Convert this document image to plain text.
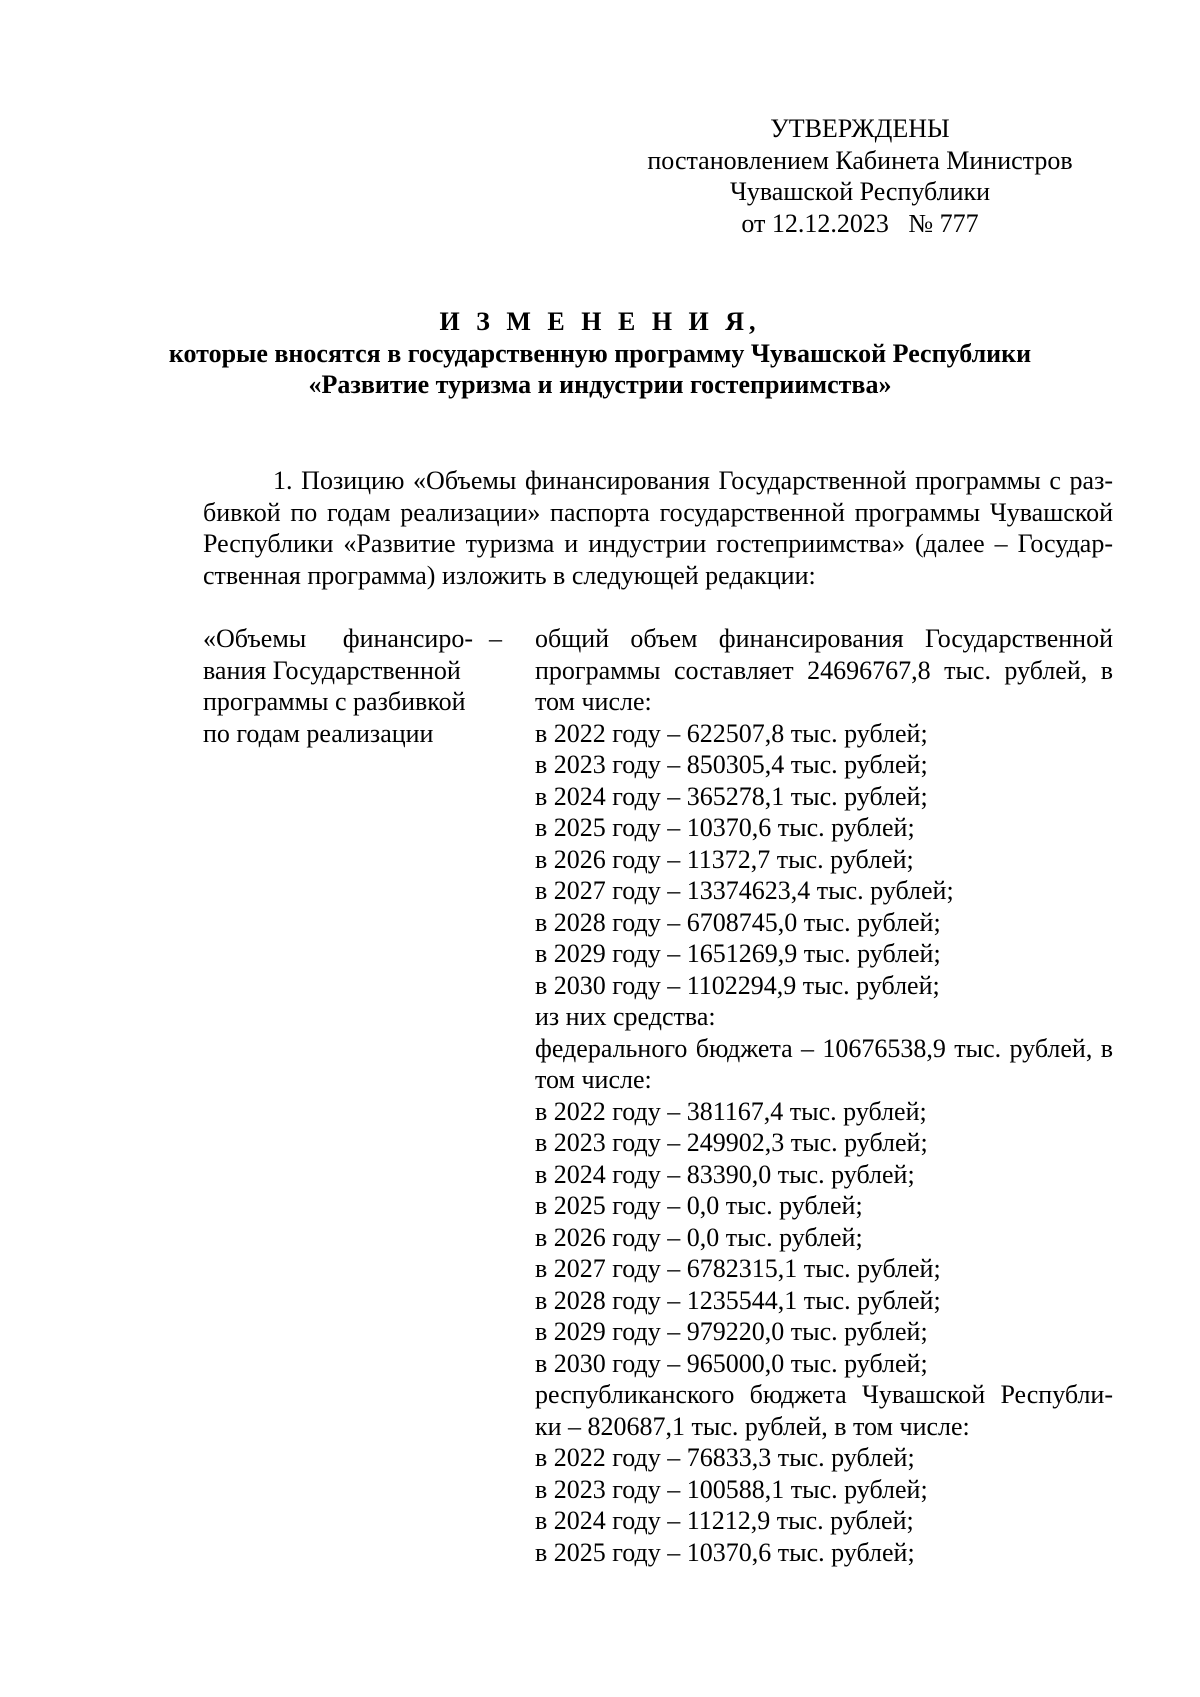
УТВЕРЖДЕНЫ
постановлением Кабинета Министров
Чувашской Республики
от 12.12.2023   № 777
И З М Е Н Е Н И Я,
которые вносятся в государственную программу Чувашской Республики
«Развитие туризма и индустрии гостеприимства»
1. Позицию «Объемы финансирования Государственной программы с раз-
бивкой по годам реализации» паспорта государственной программы Чувашской
Республики «Развитие туризма и индустрии гостеприимства» (далее – Государ-
ственная программа) изложить в следующей редакции:
«Объемы    финансиро-
вания Государственной
программы с разбивкой
по годам реализации
– общий объем финансирования Государственной
программы составляет 24696767,8 тыс. рублей, в
том числе:
в 2022 году – 622507,8 тыс. рублей;
в 2023 году – 850305,4 тыс. рублей;
в 2024 году – 365278,1 тыс. рублей;
в 2025 году – 10370,6 тыс. рублей;
в 2026 году – 11372,7 тыс. рублей;
в 2027 году – 13374623,4 тыс. рублей;
в 2028 году – 6708745,0 тыс. рублей;
в 2029 году – 1651269,9 тыс. рублей;
в 2030 году – 1102294,9 тыс. рублей;
из них средства:
федерального бюджета – 10676538,9 тыс. рублей, в
том числе:
в 2022 году – 381167,4 тыс. рублей;
в 2023 году – 249902,3 тыс. рублей;
в 2024 году – 83390,0 тыс. рублей;
в 2025 году – 0,0 тыс. рублей;
в 2026 году – 0,0 тыс. рублей;
в 2027 году – 6782315,1 тыс. рублей;
в 2028 году – 1235544,1 тыс. рублей;
в 2029 году – 979220,0 тыс. рублей;
в 2030 году – 965000,0 тыс. рублей;
республиканского бюджета Чувашской Республи-
ки – 820687,1 тыс. рублей, в том числе:
в 2022 году – 76833,3 тыс. рублей;
в 2023 году – 100588,1 тыс. рублей;
в 2024 году – 11212,9 тыс. рублей;
в 2025 году – 10370,6 тыс. рублей;
